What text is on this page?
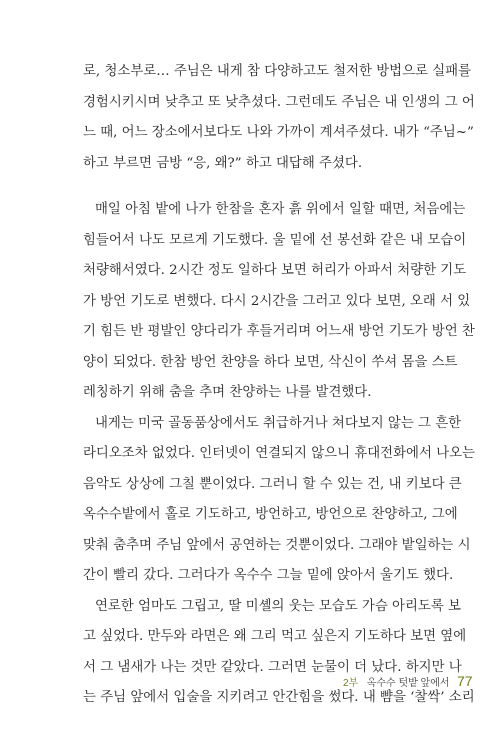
로, 청소부로… 주님은 내게 참 다양하고도 철저한 방법으로 실패를
경험시키시며 낮추고 또 낮추셨다. 그런데도 주님은 내 인생의 그 어
느 때, 어느 장소에서보다도 나와 가까이 계셔주셨다. 내가 “주님~”
하고 부르면 금방 “응, 왜?” 하고 대답해 주셨다.
매일 아침 밭에 나가 한참을 혼자 흙 위에서 일할 때면, 처음에는
힘들어서 나도 모르게 기도했다. 울 밑에 선 봉선화 같은 내 모습이
처량해서였다. 2시간 정도 일하다 보면 허리가 아파서 처량한 기도
가 방언 기도로 변했다. 다시 2시간을 그러고 있다 보면, 오래 서 있
기 힘든 반 평발인 양다리가 후들거리며 어느새 방언 기도가 방언 찬
양이 되었다. 한참 방언 찬양을 하다 보면, 삭신이 쑤셔 몸을 스트
레칭하기 위해 춤을 추며 찬양하는 나를 발견했다.
내게는 미국 골동품상에서도 취급하거나 쳐다보지 않는 그 흔한
라디오조차 없었다. 인터넷이 연결되지 않으니 휴대전화에서 나오는
음악도 상상에 그칠 뿐이었다. 그러니 할 수 있는 건, 내 키보다 큰
옥수수밭에서 홀로 기도하고, 방언하고, 방언으로 찬양하고, 그에
맞춰 춤추며 주님 앞에서 공연하는 것뿐이었다. 그래야 밭일하는 시
간이 빨리 갔다. 그러다가 옥수수 그늘 밑에 앉아서 울기도 했다.
연로한 엄마도 그립고, 딸 미셸의 웃는 모습도 가슴 아리도록 보
고 싶었다. 만두와 라면은 왜 그리 먹고 싶은지 기도하다 보면 옆에
서 그 냄새가 나는 것만 같았다. 그러면 눈물이 더 났다. 하지만 나
는 주님 앞에서 입술을 지키려고 안간힘을 썼다. 내 뺨을 ‘찰싹’ 소리
2부 옥수수 텃밭 앞에서 77
